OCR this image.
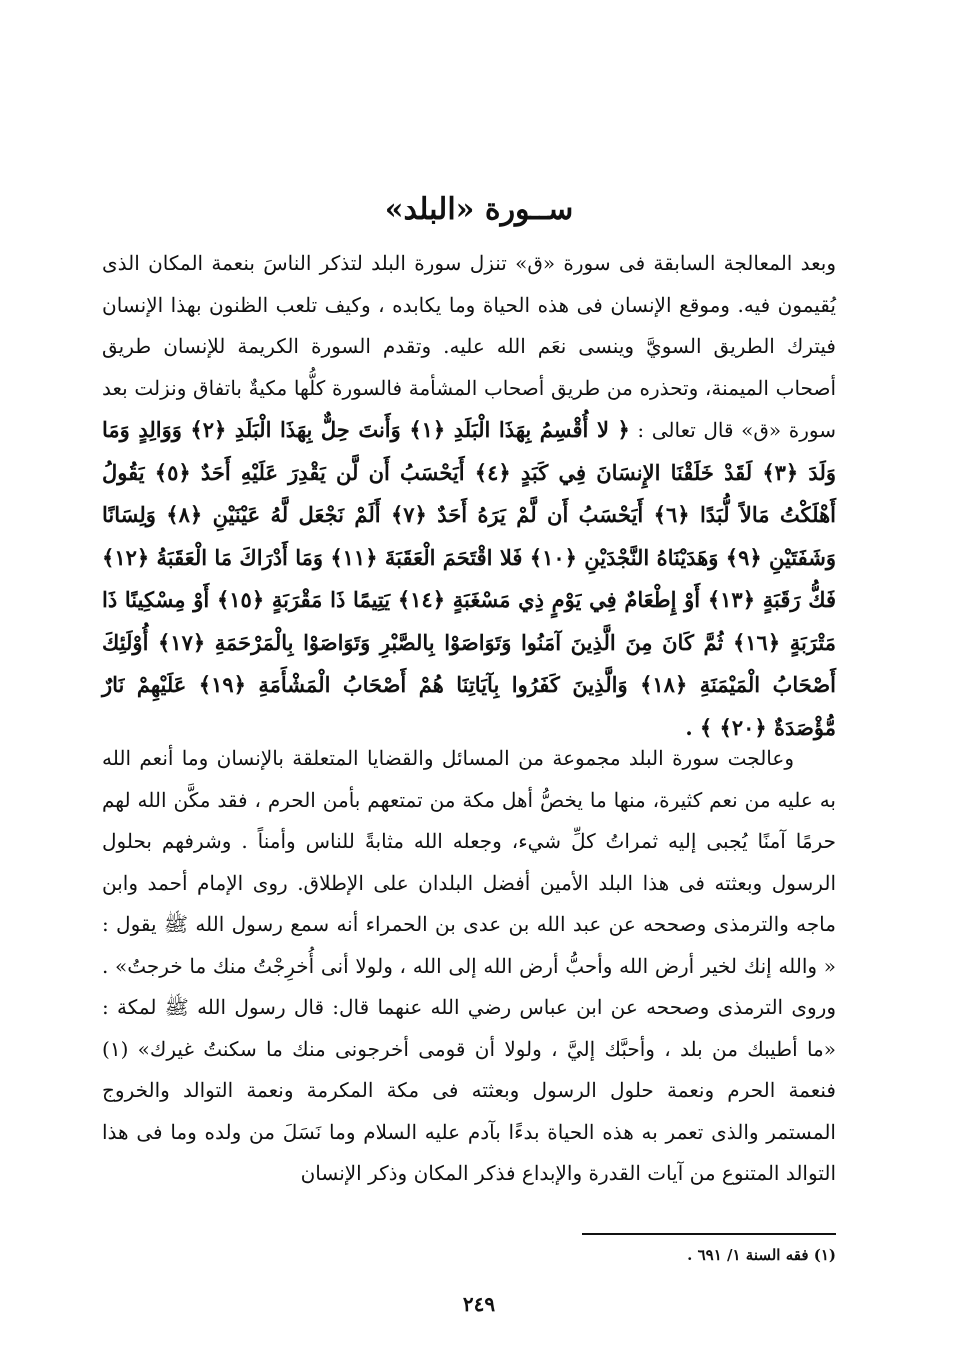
ســورة «البلد»
وبعد المعالجة السابقة فى سورة «ق» تنزل سورة البلد لتذكر الناسَ بنعمة المكان الذى يُقيمون فيه. وموقع الإنسان فى هذه الحياة وما يكابده ، وكيف تلعب الظنون بهذا الإنسان فيترك الطريق السويَّ وينسى نعَم الله عليه. وتقدم السورة الكريمة للإنسان طريق أصحاب الميمنة، وتحذره من طريق أصحاب المشأمة فالسورة كلُّها مكيةٌ باتفاق ونزلت بعد سورة «ق» قال تعالى : ﴿ لا أُقْسِمُ بِهَذَا الْبَلَدِ ﴿١﴾ وَأَنتَ حِلٌّ بِهَذَا الْبَلَدِ ﴿٢﴾ وَوَالِدٍ وَمَا وَلَدَ ﴿٣﴾ لَقَدْ خَلَقْنَا الإِنسَانَ فِي كَبَدٍ ﴿٤﴾ أَيَحْسَبُ أَن لَّن يَقْدِرَ عَلَيْهِ أَحَدٌ ﴿٥﴾ يَقُولُ أَهْلَكْتُ مَالاً لُّبَدًا ﴿٦﴾ أَيَحْسَبُ أَن لَّمْ يَرَهُ أَحَدٌ ﴿٧﴾ أَلَمْ نَجْعَل لَّهُ عَيْنَيْنِ ﴿٨﴾ وَلِسَانًا وَشَفَتَيْنِ ﴿٩﴾ وَهَدَيْنَاهُ النَّجْدَيْنِ ﴿١٠﴾ فَلا اقْتَحَمَ الْعَقَبَةَ ﴿١١﴾ وَمَا أَدْرَاكَ مَا الْعَقَبَةُ ﴿١٢﴾ فَكُّ رَقَبَةٍ ﴿١٣﴾ أَوْ إِطْعَامٌ فِي يَوْمٍ ذِي مَسْغَبَةٍ ﴿١٤﴾ يَتِيمًا ذَا مَقْرَبَةٍ ﴿١٥﴾ أَوْ مِسْكِينًا ذَا مَتْرَبَةٍ ﴿١٦﴾ ثُمَّ كَانَ مِنَ الَّذِينَ آمَنُوا وَتَوَاصَوْا بِالصَّبْرِ وَتَوَاصَوْا بِالْمَرْحَمَةِ ﴿١٧﴾ أُوْلَئِكَ أَصْحَابُ الْمَيْمَنَةِ ﴿١٨﴾ وَالَّذِينَ كَفَرُوا بِآيَاتِنَا هُمْ أَصْحَابُ الْمَشْأَمَةِ ﴿١٩﴾ عَلَيْهِمْ نَارٌ مُّؤْصَدَةٌ ﴿٢٠﴾ ﴾ .
وعالجت سورة البلد مجموعة من المسائل والقضايا المتعلقة بالإنسان وما أنعم الله به عليه من نعم كثيرة، منها ما يخصُّ أهل مكة من تمتعهم بأمن الحرم ، فقد مكَّن الله لهم حرمًا آمنًا يُجبى إليه ثمراتُ كلِّ شيء، وجعله الله مثابةً للناس وأمناً . وشرفهم بحلول الرسول وبعثته فى هذا البلد الأمين أفضل البلدان على الإطلاق. روى الإمام أحمد وابن ماجه والترمذى وصححه عن عبد الله بن عدى بن الحمراء أنه سمع رسول الله ﷺ يقول : « والله إنك لخير أرض الله وأحبُّ أرض الله إلى الله ، ولولا أنى أُخرِجْتُ منك ما خرجتُ» . وروى الترمذى وصححه عن ابن عباس رضي الله عنهما قال: قال رسول الله ﷺ لمكة : «ما أطيبك من بلد ، وأحبَّك إليَّ ، ولولا أن قومى أخرجونى منك ما سكنتُ غيرك» (١) فنعمة الحرم ونعمة حلول الرسول وبعثته فى مكة المكرمة ونعمة التوالد والخروج المستمر والذى تعمر به هذه الحياة بدءًا بآدم عليه السلام وما نَسَلَ من ولده وما فى هذا التوالد المتنوع من آيات القدرة والإبداع فذكر المكان وذكر الإنسان
(١) فقه السنة ١/ ٦٩١ .
٢٤٩
